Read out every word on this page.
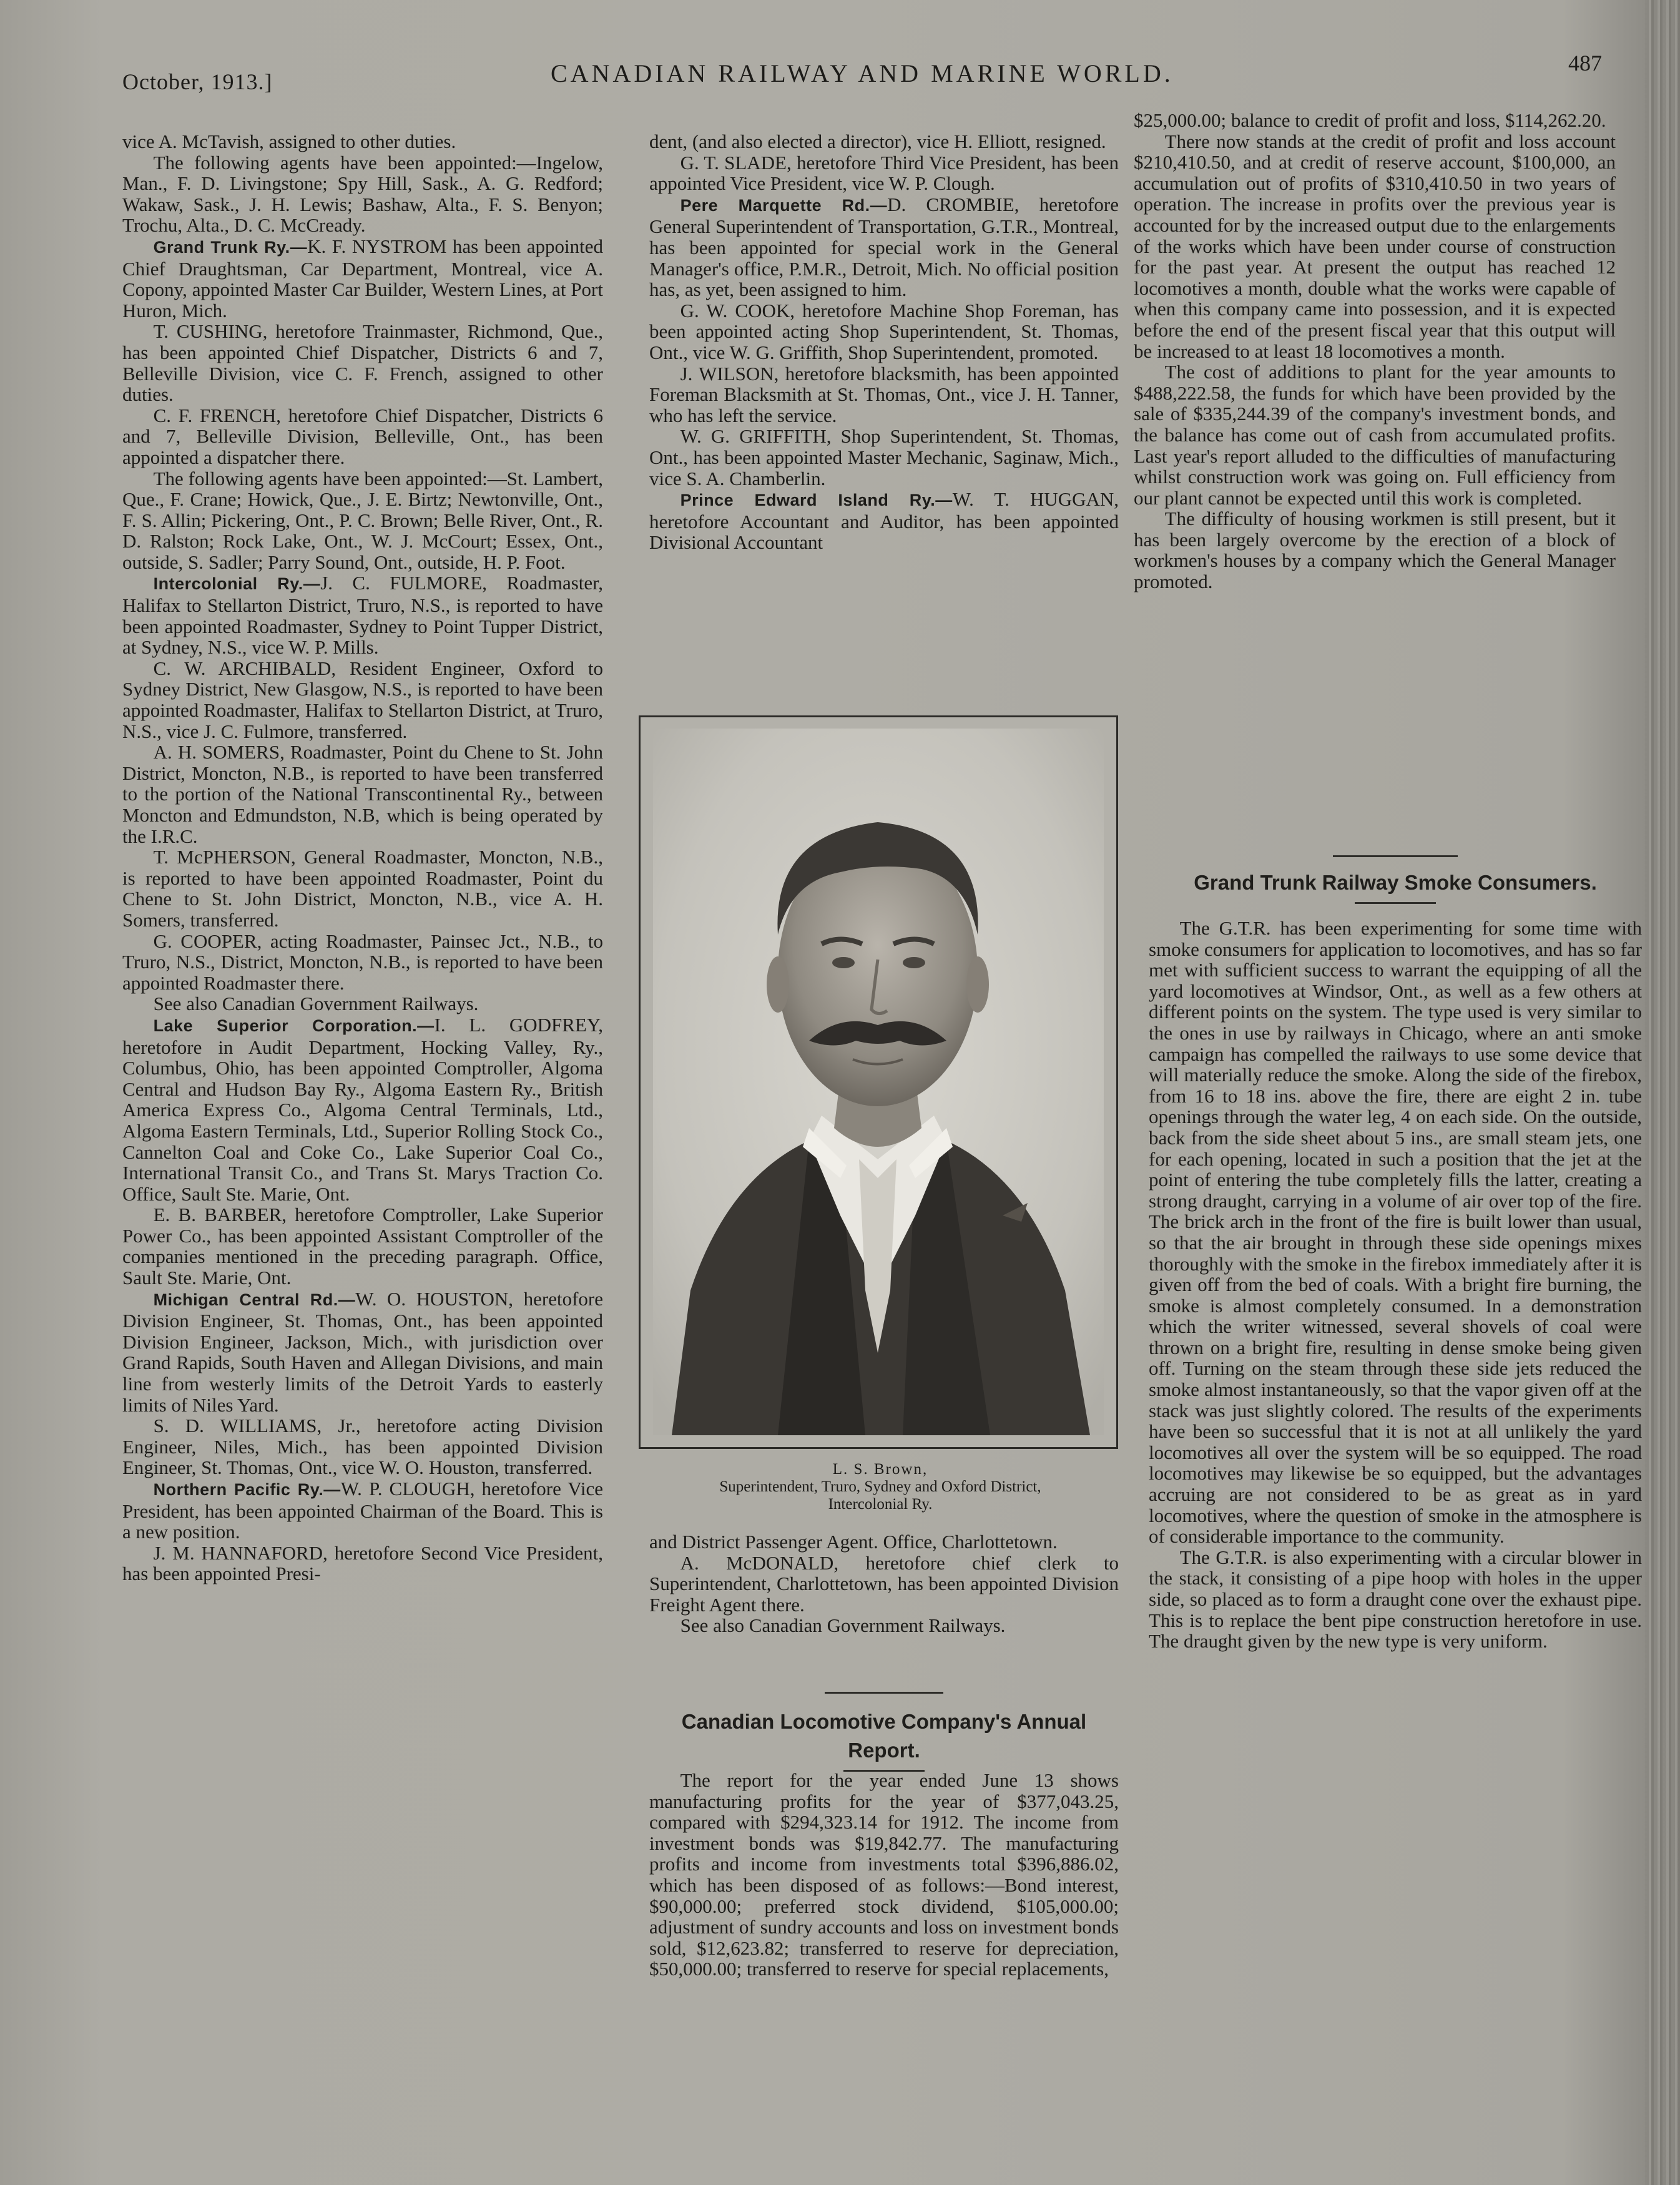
October, 1913.]	CANADIAN RAILWAY AND MARINE WORLD.	487

vice A. McTavish, assigned to other duties.

The following agents have been appointed:—Ingelow, Man., F. D. Livingstone; Spy Hill, Sask., A. G. Redford; Wakaw, Sask., J. H. Lewis; Bashaw, Alta., F. S. Benyon; Trochu, Alta., D. C. McCready.

Grand Trunk Ry.—K. F. NYSTROM has been appointed Chief Draughtsman, Car Department, Montreal, vice A. Copony, appointed Master Car Builder, Western Lines, at Port Huron, Mich.

T. CUSHING, heretofore Trainmaster, Richmond, Que., has been appointed Chief Dispatcher, Districts 6 and 7, Belleville Division, vice C. F. French, assigned to other duties.

C. F. FRENCH, heretofore Chief Dispatcher, Districts 6 and 7, Belleville Division, Belleville, Ont., has been appointed a dispatcher there.

The following agents have been appointed:—St. Lambert, Que., F. Crane; Howick, Que., J. E. Birtz; Newtonville, Ont., F. S. Allin; Pickering, Ont., P. C. Brown; Belle River, Ont., R. D. Ralston; Rock Lake, Ont., W. J. McCourt; Essex, Ont., outside, S. Sadler; Parry Sound, Ont., outside, H. P. Foot.

Intercolonial Ry.—J. C. FULMORE, Roadmaster, Halifax to Stellarton District, Truro, N.S., is reported to have been appointed Roadmaster, Sydney to Point Tupper District, at Sydney, N.S., vice W. P. Mills.

C. W. ARCHIBALD, Resident Engineer, Oxford to Sydney District, New Glasgow, N.S., is reported to have been appointed Roadmaster, Halifax to Stellarton District, at Truro, N.S., vice J. C. Fulmore, transferred.

A. H. SOMERS, Roadmaster, Point du Chene to St. John District, Moncton, N.B., is reported to have been transferred to the portion of the National Transcontinental Ry., between Moncton and Edmundston, N.B, which is being operated by the I.R.C.

T. McPHERSON, General Roadmaster, Moncton, N.B., is reported to have been appointed Roadmaster, Point du Chene to St. John District, Moncton, N.B., vice A. H. Somers, transferred.

G. COOPER, acting Roadmaster, Painsec Jct., N.B., to Truro, N.S., District, Moncton, N.B., is reported to have been appointed Roadmaster there.

See also Canadian Government Railways.

Lake Superior Corporation.—I. L. GODFREY, heretofore in Audit Department, Hocking Valley, Ry., Columbus, Ohio, has been appointed Comptroller, Algoma Central and Hudson Bay Ry., Algoma Eastern Ry., British America Express Co., Algoma Central Terminals, Ltd., Algoma Eastern Terminals, Ltd., Superior Rolling Stock Co., Cannelton Coal and Coke Co., Lake Superior Coal Co., International Transit Co., and Trans St. Marys Traction Co. Office, Sault Ste. Marie, Ont.

E. B. BARBER, heretofore Comptroller, Lake Superior Power Co., has been appointed Assistant Comptroller of the companies mentioned in the preceding paragraph. Office, Sault Ste. Marie, Ont.

Michigan Central Rd.—W. O. HOUSTON, heretofore Division Engineer, St. Thomas, Ont., has been appointed Division Engineer, Jackson, Mich., with jurisdiction over Grand Rapids, South Haven and Allegan Divisions, and main line from westerly limits of the Detroit Yards to easterly limits of Niles Yard.

S. D. WILLIAMS, Jr., heretofore acting Division Engineer, Niles, Mich., has been appointed Division Engineer, St. Thomas, Ont., vice W. O. Houston, transferred.

Northern Pacific Ry.—W. P. CLOUGH, heretofore Vice President, has been appointed Chairman of the Board. This is a new position.

J. M. HANNAFORD, heretofore Second Vice President, has been appointed Presi-

dent, (and also elected a director), vice H. Elliott, resigned.

G. T. SLADE, heretofore Third Vice President, has been appointed Vice President, vice W. P. Clough.

Pere Marquette Rd.—D. CROMBIE, heretofore General Superintendent of Transportation, G.T.R., Montreal, has been appointed for special work in the General Manager's office, P.M.R., Detroit, Mich. No official position has, as yet, been assigned to him.

G. W. COOK, heretofore Machine Shop Foreman, has been appointed acting Shop Superintendent, St. Thomas, Ont., vice W. G. Griffith, Shop Superintendent, promoted.

J. WILSON, heretofore blacksmith, has been appointed Foreman Blacksmith at St. Thomas, Ont., vice J. H. Tanner, who has left the service.

W. G. GRIFFITH, Shop Superintendent, St. Thomas, Ont., has been appointed Master Mechanic, Saginaw, Mich., vice S. A. Chamberlin.

Prince Edward Island Ry.—W. T. HUGGAN, heretofore Accountant and Auditor, has been appointed Divisional Accountant

L. S. Brown,
Superintendent, Truro, Sydney and Oxford District,
Intercolonial Ry.

and District Passenger Agent. Office, Charlottetown.

A. McDONALD, heretofore chief clerk to Superintendent, Charlottetown, has been appointed Division Freight Agent there.

See also Canadian Government Railways.

Canadian Locomotive Company's Annual
Report.

The report for the year ended June 13 shows manufacturing profits for the year of $377,043.25, compared with $294,323.14 for 1912. The income from investment bonds was $19,842.77. The manufacturing profits and income from investments total $396,886.02, which has been disposed of as follows:—Bond interest, $90,000.00; preferred stock dividend, $105,000.00; adjustment of sundry accounts and loss on investment bonds sold, $12,623.82; transferred to reserve for depreciation, $50,000.00; transferred to reserve for special replacements,

$25,000.00; balance to credit of profit and loss, $114,262.20.

There now stands at the credit of profit and loss account $210,410.50, and at credit of reserve account, $100,000, an accumulation out of profits of $310,410.50 in two years of operation. The increase in profits over the previous year is accounted for by the increased output due to the enlargements of the works which have been under course of construction for the past year. At present the output has reached 12 locomotives a month, double what the works were capable of when this company came into possession, and it is expected before the end of the present fiscal year that this output will be increased to at least 18 locomotives a month.

The cost of additions to plant for the year amounts to $488,222.58, the funds for which have been provided by the sale of $335,244.39 of the company's investment bonds, and the balance has come out of cash from accumulated profits. Last year's report alluded to the difficulties of manufacturing whilst construction work was going on. Full efficiency from our plant cannot be expected until this work is completed.

The difficulty of housing workmen is still present, but it has been largely overcome by the erection of a block of workmen's houses by a company which the General Manager promoted.

Grand Trunk Railway Smoke Consumers.

The G.T.R. has been experimenting for some time with smoke consumers for application to locomotives, and has so far met with sufficient success to warrant the equipping of all the yard locomotives at Windsor, Ont., as well as a few others at different points on the system. The type used is very similar to the ones in use by railways in Chicago, where an anti smoke campaign has compelled the railways to use some device that will materially reduce the smoke. Along the side of the firebox, from 16 to 18 ins. above the fire, there are eight 2 in. tube openings through the water leg, 4 on each side. On the outside, back from the side sheet about 5 ins., are small steam jets, one for each opening, located in such a position that the jet at the point of entering the tube completely fills the latter, creating a strong draught, carrying in a volume of air over top of the fire. The brick arch in the front of the fire is built lower than usual, so that the air brought in through these side openings mixes thoroughly with the smoke in the firebox immediately after it is given off from the bed of coals. With a bright fire burning, the smoke is almost completely consumed. In a demonstration which the writer witnessed, several shovels of coal were thrown on a bright fire, resulting in dense smoke being given off. Turning on the steam through these side jets reduced the smoke almost instantaneously, so that the vapor given off at the stack was just slightly colored. The results of the experiments have been so successful that it is not at all unlikely the yard locomotives all over the system will be so equipped. The road locomotives may likewise be so equipped, but the advantages accruing are not considered to be as great as in yard locomotives, where the question of smoke in the atmosphere is of considerable importance to the community.

The G.T.R. is also experimenting with a circular blower in the stack, it consisting of a pipe hoop with holes in the upper side, so placed as to form a draught cone over the exhaust pipe. This is to replace the bent pipe construction heretofore in use. The draught given by the new type is very uniform.
